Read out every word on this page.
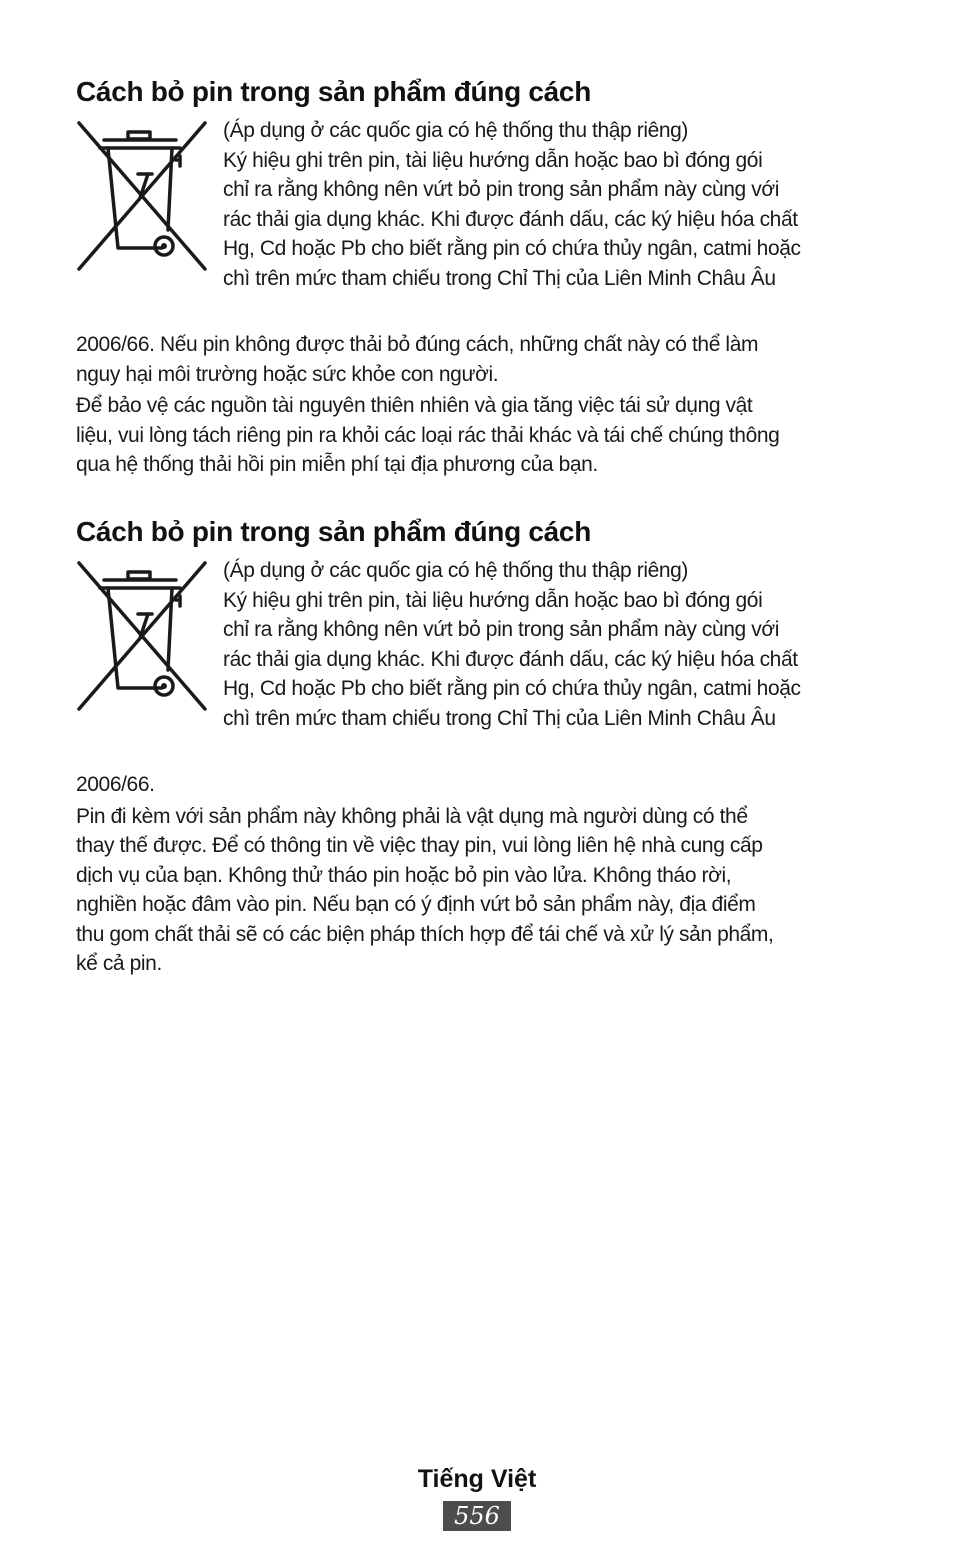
Cách bỏ pin trong sản phẩm đúng cách

(Áp dụng ở các quốc gia có hệ thống thu thập riêng)
Ký hiệu ghi trên pin, tài liệu hướng dẫn hoặc bao bì đóng gói
chỉ ra rằng không nên vứt bỏ pin trong sản phẩm này cùng với
rác thải gia dụng khác. Khi được đánh dấu, các ký hiệu hóa chất
Hg, Cd hoặc Pb cho biết rằng pin có chứa thủy ngân, catmi hoặc
chì trên mức tham chiếu trong Chỉ Thị của Liên Minh Châu Âu

2006/66. Nếu pin không được thải bỏ đúng cách, những chất này có thể làm
nguy hại môi trường hoặc sức khỏe con người.

Để bảo vệ các nguồn tài nguyên thiên nhiên và gia tăng việc tái sử dụng vật
liệu, vui lòng tách riêng pin ra khỏi các loại rác thải khác và tái chế chúng thông
qua hệ thống thải hồi pin miễn phí tại địa phương của bạn.

Cách bỏ pin trong sản phẩm đúng cách

(Áp dụng ở các quốc gia có hệ thống thu thập riêng)
Ký hiệu ghi trên pin, tài liệu hướng dẫn hoặc bao bì đóng gói
chỉ ra rằng không nên vứt bỏ pin trong sản phẩm này cùng với
rác thải gia dụng khác. Khi được đánh dấu, các ký hiệu hóa chất
Hg, Cd hoặc Pb cho biết rằng pin có chứa thủy ngân, catmi hoặc
chì trên mức tham chiếu trong Chỉ Thị của Liên Minh Châu Âu

2006/66.

Pin đi kèm với sản phẩm này không phải là vật dụng mà người dùng có thể
thay thế được. Để có thông tin về việc thay pin, vui lòng liên hệ nhà cung cấp
dịch vụ của bạn. Không thử tháo pin hoặc bỏ pin vào lửa. Không tháo rời,
nghiền hoặc đâm vào pin. Nếu bạn có ý định vứt bỏ sản phẩm này, địa điểm
thu gom chất thải sẽ có các biện pháp thích hợp để tái chế và xử lý sản phẩm,
kể cả pin.

Tiếng Việt

556
